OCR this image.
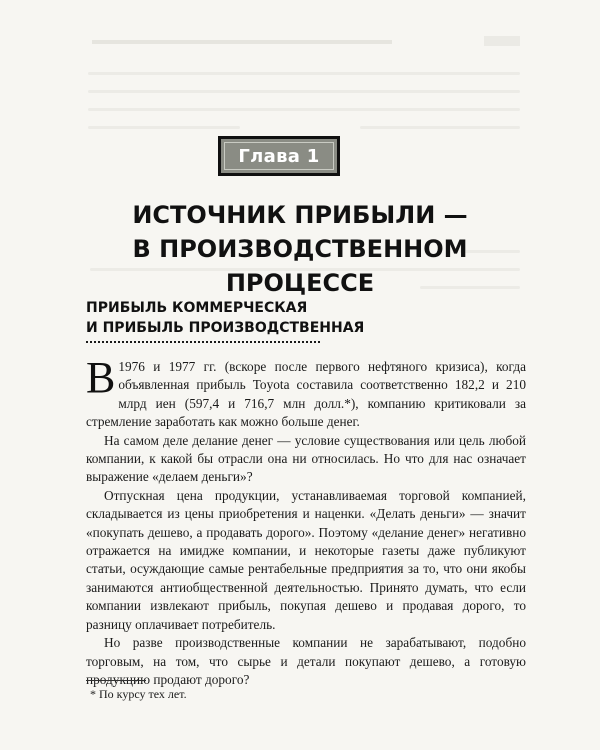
Глава 1
ИСТОЧНИК ПРИБЫЛИ —
В ПРОИЗВОДСТВЕННОМ ПРОЦЕССЕ
ПРИБЫЛЬ КОММЕРЧЕСКАЯ
И ПРИБЫЛЬ ПРОИЗВОДСТВЕННАЯ

В 1976 и 1977 гг. (вскоре после первого нефтяного кризиса), когда объявленная прибыль Toyota составила соответственно 182,2 и 210 млрд иен (597,4 и 716,7 млн долл.*), компанию критиковали за стремление заработать как можно больше денег.

На самом деле делание денег — условие существования или цель любой компании, к какой бы отрасли она ни относилась. Но что для нас означает выражение «делаем деньги»?

Отпускная цена продукции, устанавливаемая торговой компанией, складывается из цены приобретения и наценки. «Делать деньги» — значит «покупать дешево, а продавать дорого». Поэтому «делание денег» негативно отражается на имидже компании, и некоторые газеты даже публикуют статьи, осуждающие самые рентабельные предприятия за то, что они якобы занимаются антиобщественной деятельностью. Принято думать, что если компании извлекают прибыль, покупая дешево и продавая дорого, то разницу оплачивает потребитель.

Но разве производственные компании не зарабатывают, подобно торговым, на том, что сырье и детали покупают дешево, а готовую продукцию продают дорого?

* По курсу тех лет.
